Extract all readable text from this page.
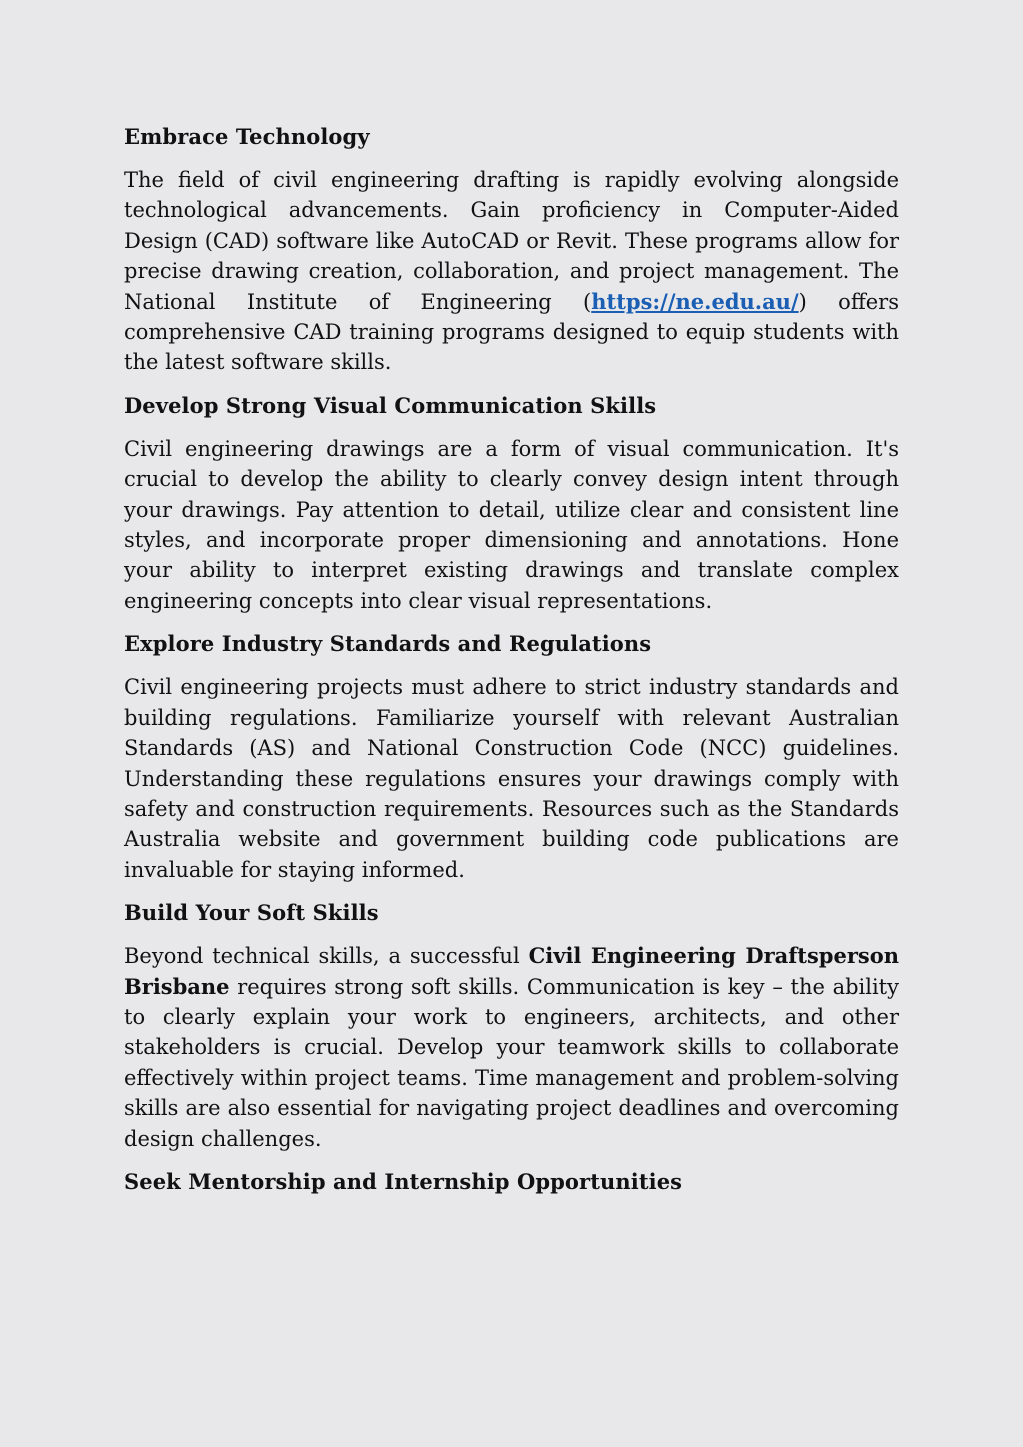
Embrace Technology

The field of civil engineering drafting is rapidly evolving alongside technological advancements. Gain proficiency in Computer-Aided Design (CAD) software like AutoCAD or Revit. These programs allow for precise drawing creation, collaboration, and project management. The National Institute of Engineering (https://ne.edu.au/) offers comprehensive CAD training programs designed to equip students with the latest software skills.

Develop Strong Visual Communication Skills

Civil engineering drawings are a form of visual communication. It's crucial to develop the ability to clearly convey design intent through your drawings. Pay attention to detail, utilize clear and consistent line styles, and incorporate proper dimensioning and annotations. Hone your ability to interpret existing drawings and translate complex engineering concepts into clear visual representations.

Explore Industry Standards and Regulations

Civil engineering projects must adhere to strict industry standards and building regulations. Familiarize yourself with relevant Australian Standards (AS) and National Construction Code (NCC) guidelines. Understanding these regulations ensures your drawings comply with safety and construction requirements. Resources such as the Standards Australia website and government building code publications are invaluable for staying informed.

Build Your Soft Skills

Beyond technical skills, a successful Civil Engineering Draftsperson Brisbane requires strong soft skills. Communication is key – the ability to clearly explain your work to engineers, architects, and other stakeholders is crucial. Develop your teamwork skills to collaborate effectively within project teams. Time management and problem-solving skills are also essential for navigating project deadlines and overcoming design challenges.

Seek Mentorship and Internship Opportunities
